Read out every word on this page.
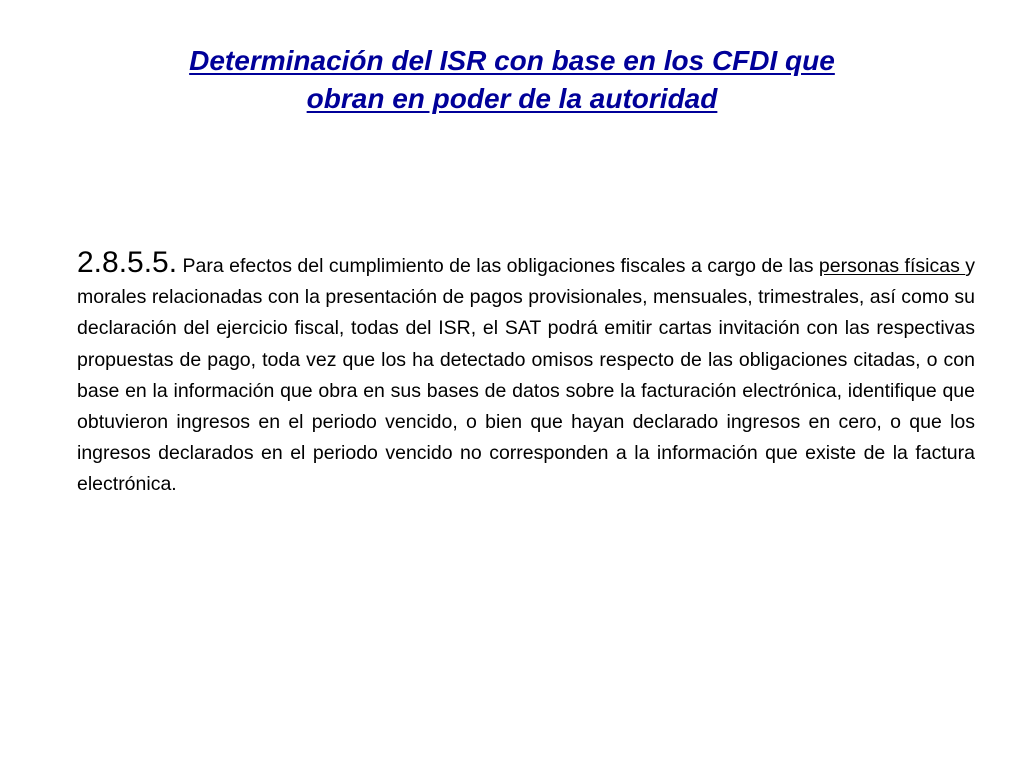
Determinación del ISR con base en los CFDI que
obran en poder de la autoridad

2.8.5.5. Para efectos del cumplimiento de las obligaciones fiscales a cargo de las personas físicas y morales relacionadas con la presentación de pagos provisionales, mensuales, trimestrales, así como su declaración del ejercicio fiscal, todas del ISR, el SAT podrá emitir cartas invitación con las respectivas propuestas de pago, toda vez que los ha detectado omisos respecto de las obligaciones citadas, o con base en la información que obra en sus bases de datos sobre la facturación electrónica, identifique que obtuvieron ingresos en el periodo vencido, o bien que hayan declarado ingresos en cero, o que los ingresos declarados en el periodo vencido no corresponden a la información que existe de la factura electrónica.
